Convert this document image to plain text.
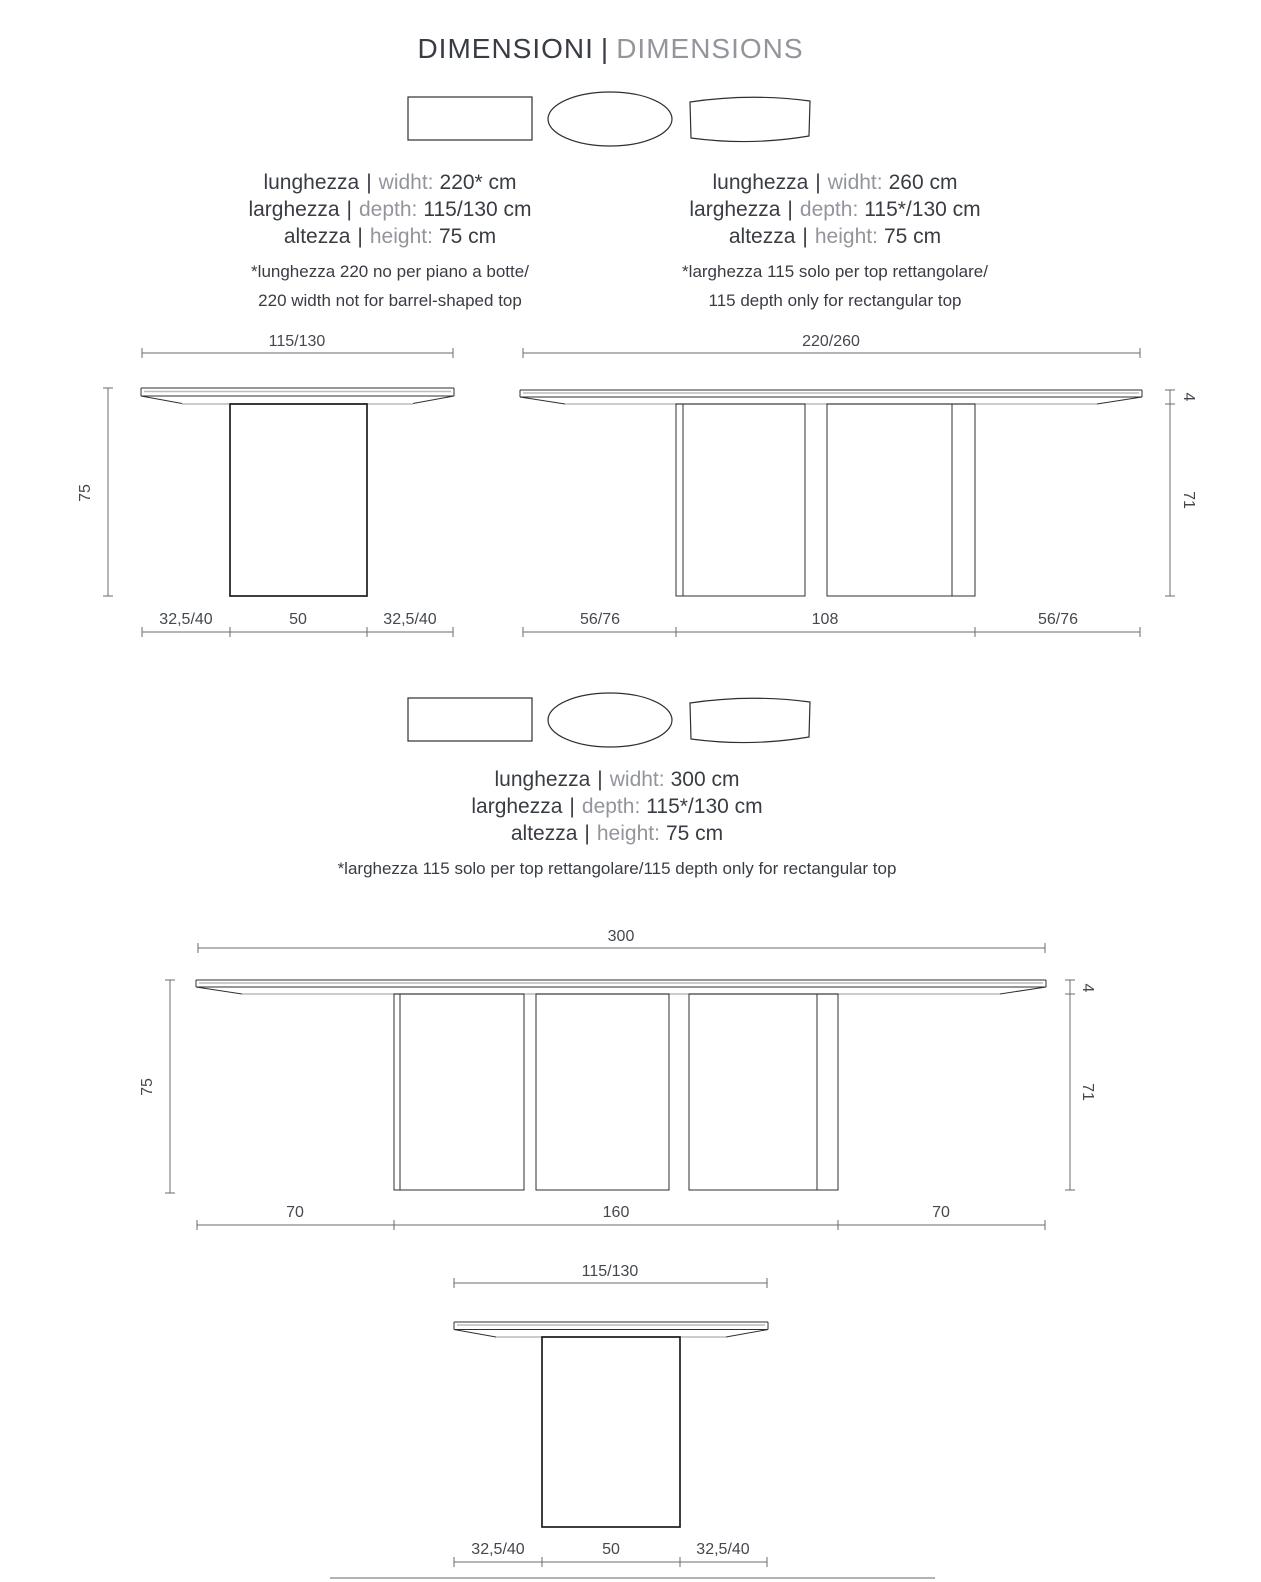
DIMENSIONI | DIMENSIONS
lunghezza | widht: 220* cm
larghezza | depth: 115/130 cm
altezza | height: 75 cm
*lunghezza 220 no per piano a botte/
220 width not for barrel-shaped top
lunghezza | widht: 260 cm
larghezza | depth: 115*/130 cm
altezza | height: 75 cm
*larghezza 115 solo per top rettangolare/
115 depth only for rectangular top
115/130
75
32,5/40	50	32,5/40
220/260
4
71
56/76	108	56/76
lunghezza | widht: 300 cm
larghezza | depth: 115*/130 cm
altezza | height: 75 cm
*larghezza 115 solo per top rettangolare/115 depth only for rectangular top
300
75
4
71
70	160	70
115/130
32,5/40	50	32,5/40
